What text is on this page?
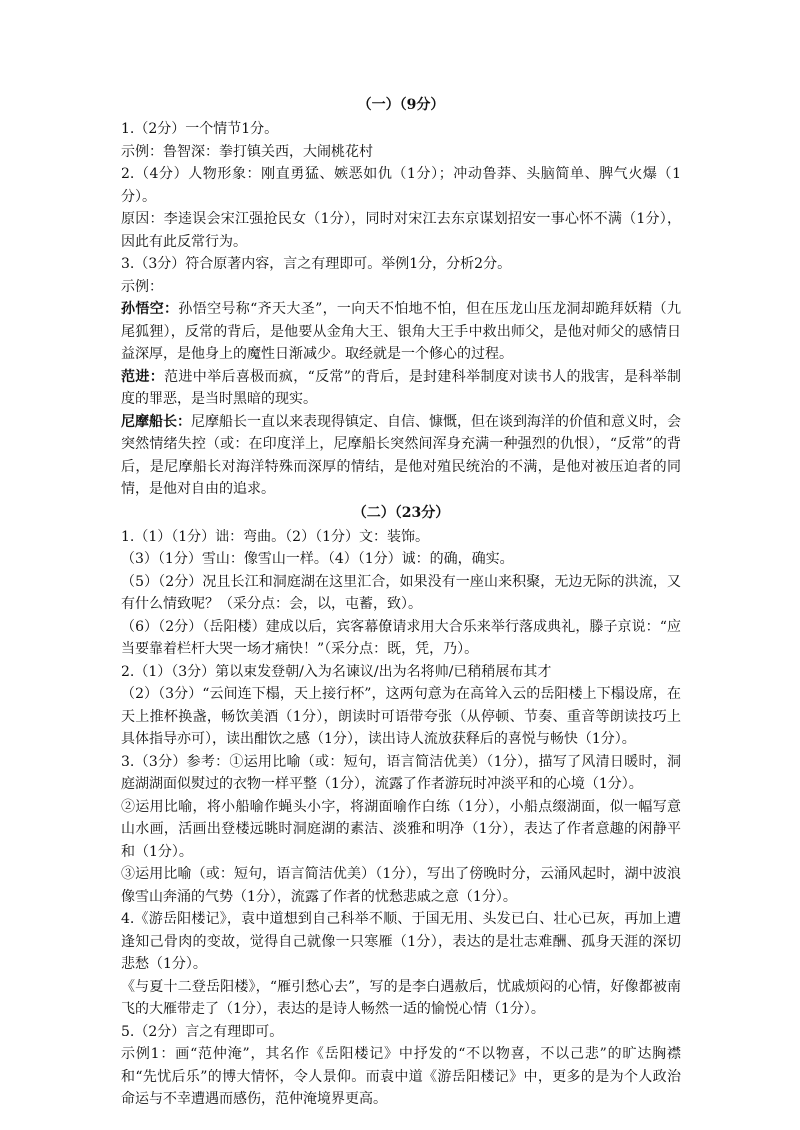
（一）（9分）

1.（2分）一个情节1分。

示例：鲁智深：拳打镇关西，大闹桃花村

2.（4分）人物形象：刚直勇猛、嫉恶如仇（1分）；冲动鲁莽、头脑简单、脾气火爆（1分）。

原因：李逵误会宋江强抢民女（1分），同时对宋江去东京谋划招安一事心怀不满（1分），因此有此反常行为。

3.（3分）符合原著内容，言之有理即可。举例1分，分析2分。

示例：

孙悟空：孙悟空号称“齐天大圣”，一向天不怕地不怕，但在压龙山压龙洞却跪拜妖精（九尾狐狸），反常的背后，是他要从金角大王、银角大王手中救出师父，是他对师父的感情日益深厚，是他身上的魔性日渐减少。取经就是一个修心的过程。

范进：范进中举后喜极而疯，“反常”的背后，是封建科举制度对读书人的戕害，是科举制度的罪恶，是当时黑暗的现实。

尼摩船长：尼摩船长一直以来表现得镇定、自信、慷慨，但在谈到海洋的价值和意义时，会突然情绪失控（或：在印度洋上，尼摩船长突然间浑身充满一种强烈的仇恨），“反常”的背后，是尼摩船长对海洋特殊而深厚的情结，是他对殖民统治的不满，是他对被压迫者的同情，是他对自由的追求。

（二）（23分）

1.（1）（1分）诎：弯曲。（2）（1分）文：装饰。

（3）（1分）雪山：像雪山一样。（4）（1分）诚：的确，确实。

（5）（2分）况且长江和洞庭湖在这里汇合，如果没有一座山来积聚，无边无际的洪流，又有什么情致呢？（采分点：会，以，屯蓄，致）。

（6）（2分）（岳阳楼）建成以后，宾客幕僚请求用大合乐来举行落成典礼，滕子京说：“应当要靠着栏杆大哭一场才痛快！”（采分点：既，凭，乃）。

2.（1）（3分）第以束发登朝/入为名谏议/出为名将帅/已稍稍展布其才

（2）（3分）“云间连下榻，天上接行杯”，这两句意为在高耸入云的岳阳楼上下榻设席，在天上推杯换盏，畅饮美酒（1分），朗读时可语带夸张（从停顿、节奏、重音等朗读技巧上具体指导亦可），读出酣饮之感（1分），读出诗人流放获释后的喜悦与畅快（1分）。

3.（3分）参考：①运用比喻（或：短句，语言简洁优美）（1分），描写了风清日暖时，洞庭湖湖面似熨过的衣物一样平整（1分），流露了作者游玩时冲淡平和的心境（1分）。

②运用比喻，将小船喻作蝇头小字，将湖面喻作白练（1分），小船点缀湖面，似一幅写意山水画，活画出登楼远眺时洞庭湖的素洁、淡雅和明净（1分），表达了作者意趣的闲静平和（1分）。

③运用比喻（或：短句，语言简洁优美）（1分），写出了傍晚时分，云涌风起时，湖中波浪像雪山奔涌的气势（1分），流露了作者的忧愁悲戚之意（1分）。

4.《游岳阳楼记》，袁中道想到自己科举不顺、于国无用、头发已白、壮心已灰，再加上遭逢知己骨肉的变故，觉得自己就像一只寒雁（1分），表达的是壮志难酬、孤身天涯的深切悲愁（1分）。

《与夏十二登岳阳楼》，“雁引愁心去”，写的是李白遇赦后，忧戚烦闷的心情，好像都被南飞的大雁带走了（1分），表达的是诗人畅然一适的愉悦心情（1分）。

5.（2分）言之有理即可。

示例1：画“范仲淹”，其名作《岳阳楼记》中抒发的“不以物喜，不以己悲”的旷达胸襟和“先忧后乐”的博大情怀，令人景仰。而袁中道《游岳阳楼记》中，更多的是为个人政治命运与不幸遭遇而感伤，范仲淹境界更高。
